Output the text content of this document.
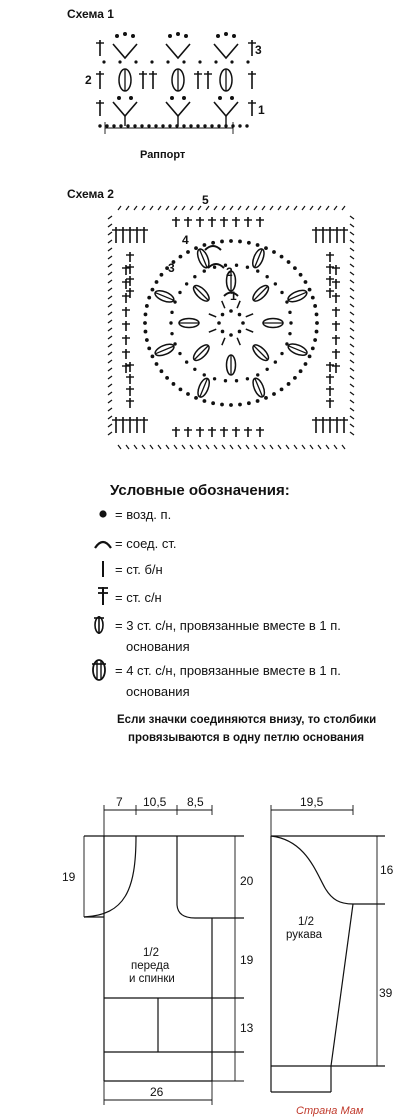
Схема 1
3
2
1
Раппорт
Схема 2	5
4
3	2
1
Условные обозначения:
= возд. п.
= соед. ст.
= ст. б/н
= ст. с/н
= 3 ст. с/н, провязанные вместе в 1 п.
основания
= 4 ст. с/н, провязанные вместе в 1 п.
основания
Если значки соединяются внизу, то столбики
провязываются в одну петлю основания
7 10,5 8,5
19	20
19
13
26
1/2
переда
и спинки
19,5
16
39
1/2
рукава
Страна Мам
